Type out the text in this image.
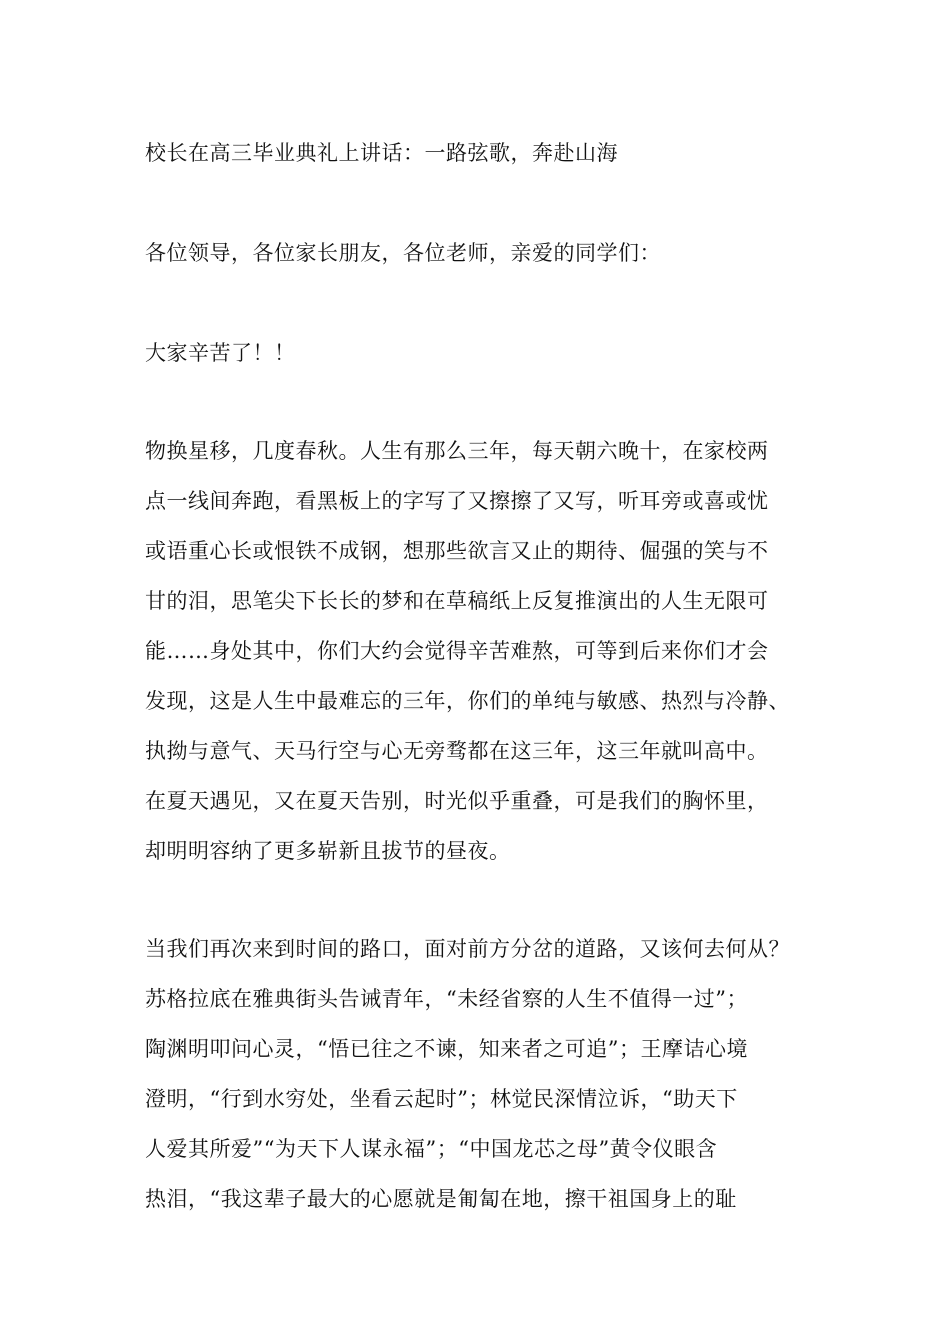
校长在高三毕业典礼上讲话：一路弦歌，奔赴山海
各位领导，各位家长朋友，各位老师，亲爱的同学们：
大家辛苦了！！
物换星移，几度春秋。人生有那么三年，每天朝六晚十，在家校两
点一线间奔跑，看黑板上的字写了又擦擦了又写，听耳旁或喜或忧
或语重心长或恨铁不成钢，想那些欲言又止的期待、倔强的笑与不
甘的泪，思笔尖下长长的梦和在草稿纸上反复推演出的人生无限可
能……身处其中，你们大约会觉得辛苦难熬，可等到后来你们才会
发现，这是人生中最难忘的三年，你们的单纯与敏感、热烈与冷静、
执拗与意气、天马行空与心无旁骛都在这三年，这三年就叫高中。
在夏天遇见，又在夏天告别，时光似乎重叠，可是我们的胸怀里，
却明明容纳了更多崭新且拔节的昼夜。
当我们再次来到时间的路口，面对前方分岔的道路，又该何去何从？
苏格拉底在雅典街头告诫青年，“未经省察的人生不值得一过”；
陶渊明叩问心灵，“悟已往之不谏，知来者之可追”；王摩诘心境
澄明，“行到水穷处，坐看云起时”；林觉民深情泣诉，“助天下
人爱其所爱”“为天下人谋永福”；“中国龙芯之母”黄令仪眼含
热泪，“我这辈子最大的心愿就是匍匐在地，擦干祖国身上的耻
